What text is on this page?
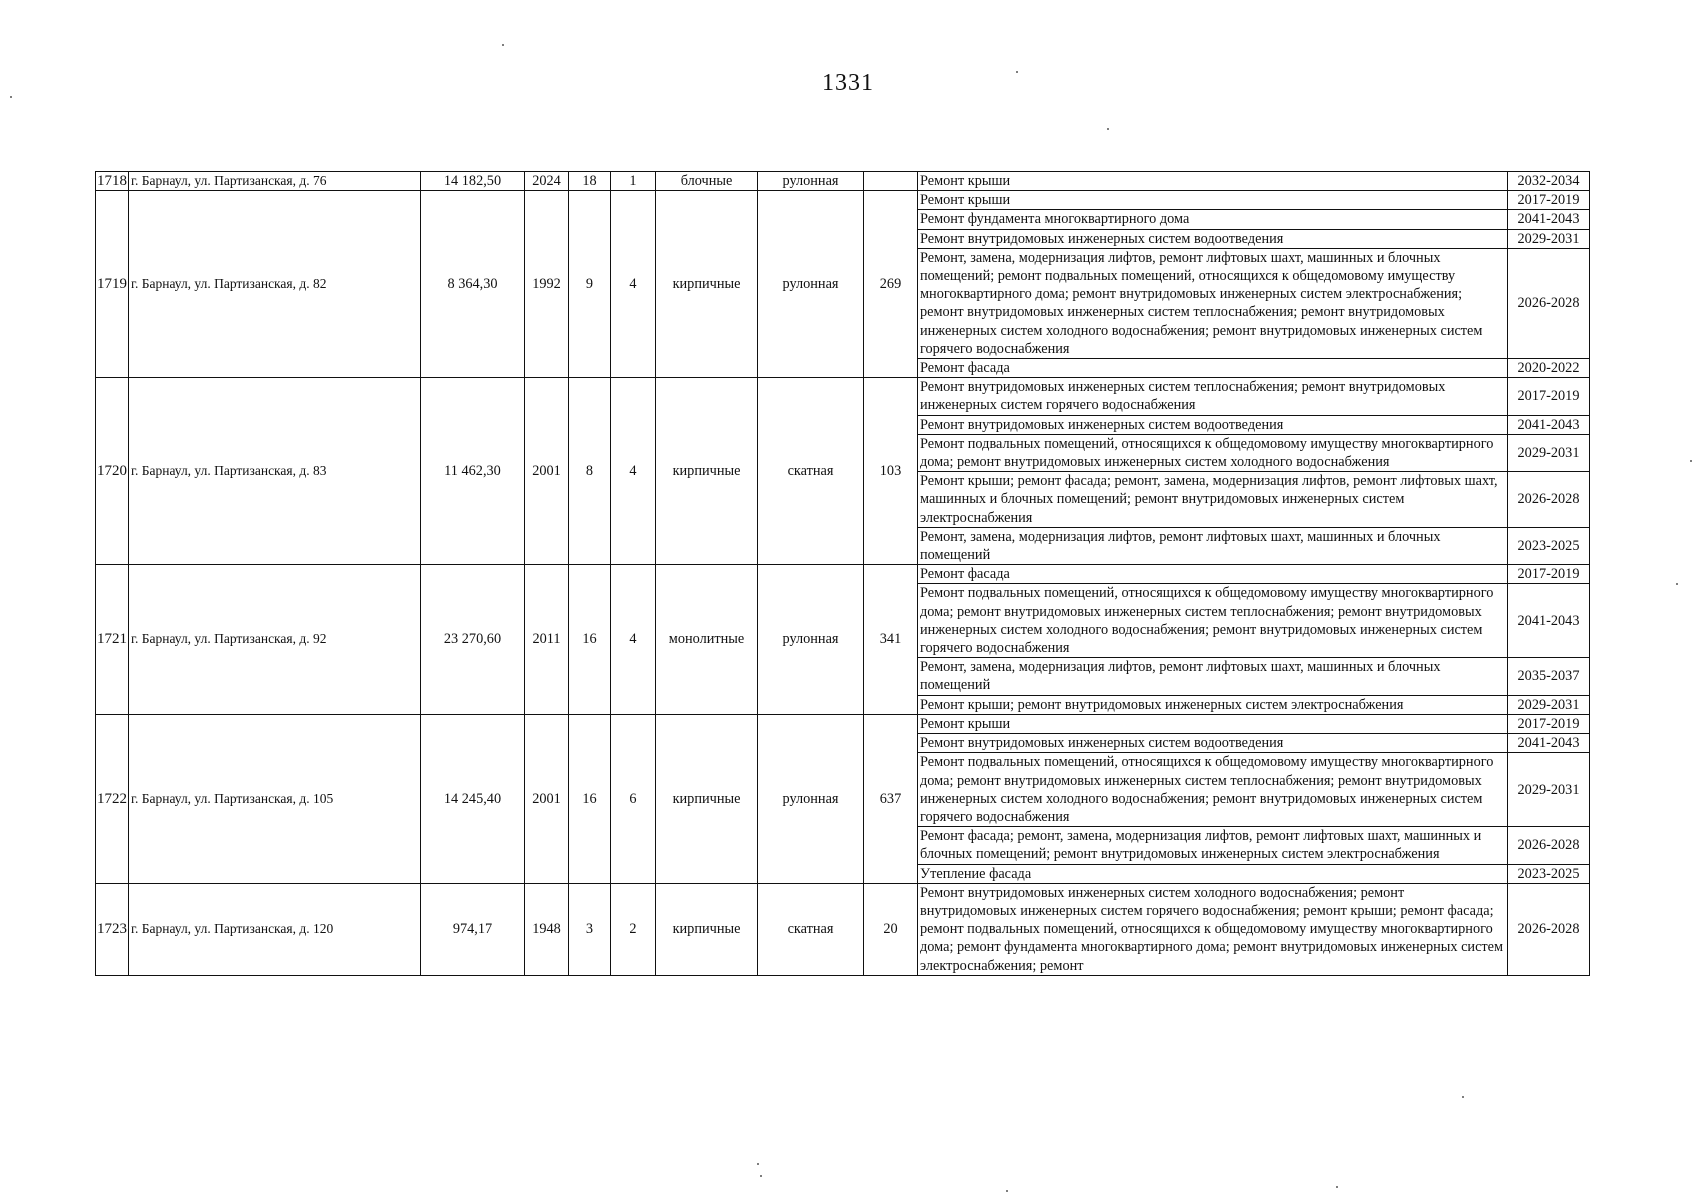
1331
1718	г. Барнаул, ул. Партизанская, д. 76	14 182,50	2024	18	1	блочные	рулонная		Ремонт крыши	2032-2034
1719	г. Барнаул, ул. Партизанская, д. 82	8 364,30	1992	9	4	кирпичные	рулонная	269	Ремонт крыши	2017-2019
									Ремонт фундамента многоквартирного дома	2041-2043
									Ремонт внутридомовых инженерных систем водоотведения	2029-2031
									Ремонт, замена, модернизация лифтов, ремонт лифтовых шахт, машинных и блочных помещений; ремонт подвальных помещений, относящихся к общедомовому имуществу многоквартирного дома; ремонт внутридомовых инженерных систем электроснабжения; ремонт внутридомовых инженерных систем теплоснабжения; ремонт внутридомовых инженерных систем холодного водоснабжения; ремонт внутридомовых инженерных систем горячего водоснабжения	2026-2028
									Ремонт фасада	2020-2022
1720	г. Барнаул, ул. Партизанская, д. 83	11 462,30	2001	8	4	кирпичные	скатная	103	Ремонт внутридомовых инженерных систем теплоснабжения; ремонт внутридомовых инженерных систем горячего водоснабжения	2017-2019
									Ремонт внутридомовых инженерных систем водоотведения	2041-2043
									Ремонт подвальных помещений, относящихся к общедомовому имуществу многоквартирного дома; ремонт внутридомовых инженерных систем холодного водоснабжения	2029-2031
									Ремонт крыши; ремонт фасада; ремонт, замена, модернизация лифтов, ремонт лифтовых шахт, машинных и блочных помещений; ремонт внутридомовых инженерных систем электроснабжения	2026-2028
									Ремонт, замена, модернизация лифтов, ремонт лифтовых шахт, машинных и блочных помещений	2023-2025
1721	г. Барнаул, ул. Партизанская, д. 92	23 270,60	2011	16	4	монолитные	рулонная	341	Ремонт фасада	2017-2019
									Ремонт подвальных помещений, относящихся к общедомовому имуществу многоквартирного дома; ремонт внутридомовых инженерных систем теплоснабжения; ремонт внутридомовых инженерных систем холодного водоснабжения; ремонт внутридомовых инженерных систем горячего водоснабжения	2041-2043
									Ремонт, замена, модернизация лифтов, ремонт лифтовых шахт, машинных и блочных помещений	2035-2037
									Ремонт крыши; ремонт внутридомовых инженерных систем электроснабжения	2029-2031
1722	г. Барнаул, ул. Партизанская, д. 105	14 245,40	2001	16	6	кирпичные	рулонная	637	Ремонт крыши	2017-2019
									Ремонт внутридомовых инженерных систем водоотведения	2041-2043
									Ремонт подвальных помещений, относящихся к общедомовому имуществу многоквартирного дома; ремонт внутридомовых инженерных систем теплоснабжения; ремонт внутридомовых инженерных систем холодного водоснабжения; ремонт внутридомовых инженерных систем горячего водоснабжения	2029-2031
									Ремонт фасада; ремонт, замена, модернизация лифтов, ремонт лифтовых шахт, машинных и блочных помещений; ремонт внутридомовых инженерных систем электроснабжения	2026-2028
									Утепление фасада	2023-2025
1723	г. Барнаул, ул. Партизанская, д. 120	974,17	1948	3	2	кирпичные	скатная	20	Ремонт внутридомовых инженерных систем холодного водоснабжения; ремонт внутридомовых инженерных систем горячего водоснабжения; ремонт крыши; ремонт фасада; ремонт подвальных помещений, относящихся к общедомовому имуществу многоквартирного дома; ремонт фундамента многоквартирного дома; ремонт внутридомовых инженерных систем электроснабжения; ремонт	2026-2028
